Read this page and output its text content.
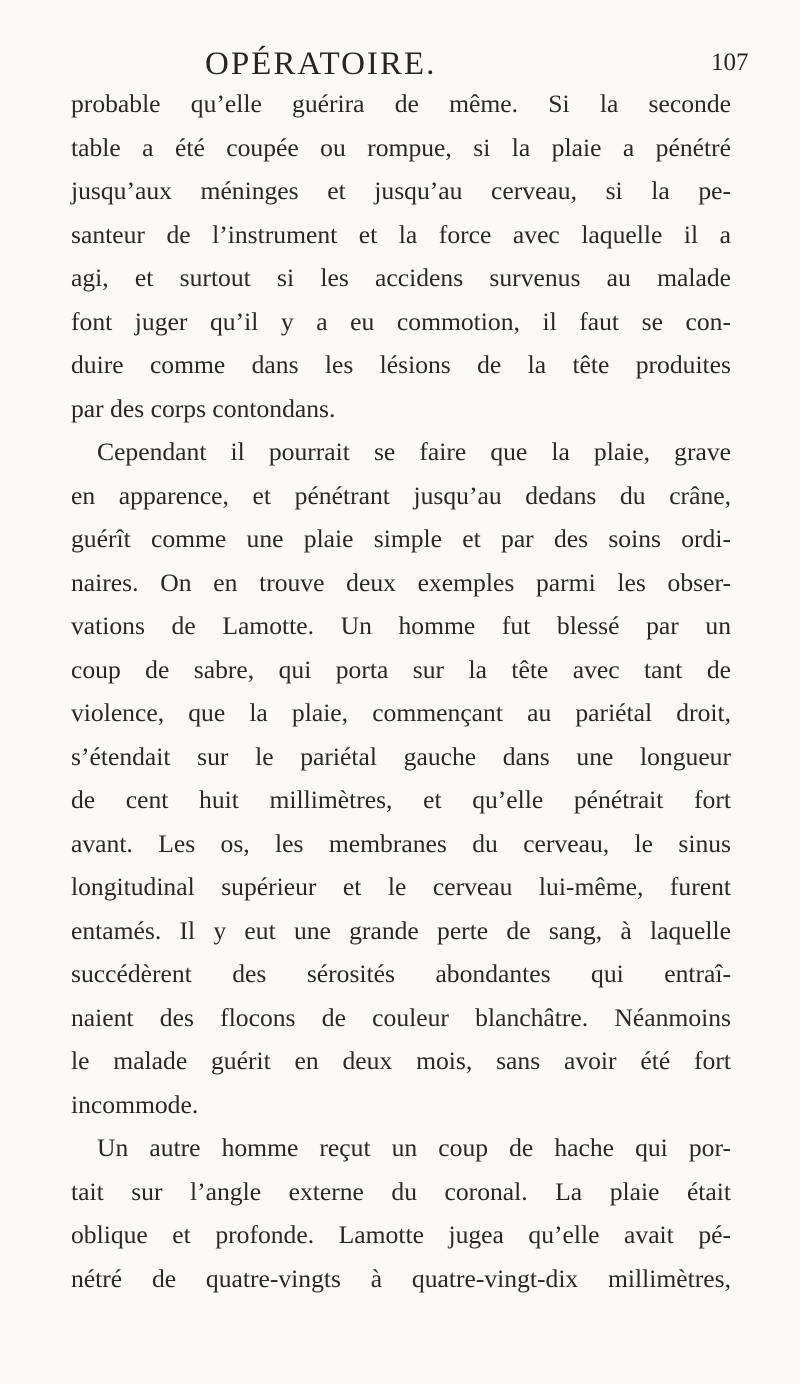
OPÉRATOIRE.	107
probable qu’elle guérira de même. Si la seconde
table a été coupée ou rompue, si la plaie a pénétré
jusqu’aux méninges et jusqu’au cerveau, si la pe-
santeur de l’instrument et la force avec laquelle il a
agi, et surtout si les accidens survenus au malade
font juger qu’il y a eu commotion, il faut se con-
duire comme dans les lésions de la tête produites
par des corps contondans.
Cependant il pourrait se faire que la plaie, grave
en apparence, et pénétrant jusqu’au dedans du crâne,
guérît comme une plaie simple et par des soins ordi-
naires. On en trouve deux exemples parmi les obser-
vations de Lamotte. Un homme fut blessé par un
coup de sabre, qui porta sur la tête avec tant de
violence, que la plaie, commençant au pariétal droit,
s’étendait sur le pariétal gauche dans une longueur
de cent huit millimètres, et qu’elle pénétrait fort
avant. Les os, les membranes du cerveau, le sinus
longitudinal supérieur et le cerveau lui-même, furent
entamés. Il y eut une grande perte de sang, à laquelle
succédèrent des sérosités abondantes qui entraî-
naient des flocons de couleur blanchâtre. Néanmoins
le malade guérit en deux mois, sans avoir été fort
incommode.
Un autre homme reçut un coup de hache qui por-
tait sur l’angle externe du coronal. La plaie était
oblique et profonde. Lamotte jugea qu’elle avait pé-
nétré de quatre-vingts à quatre-vingt-dix millimètres,
